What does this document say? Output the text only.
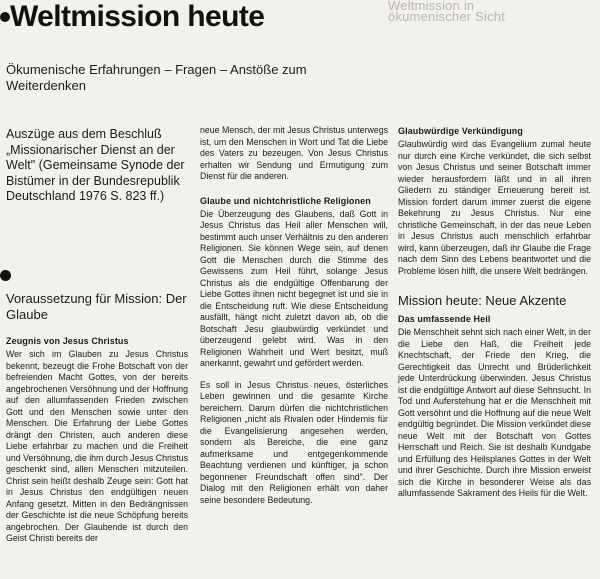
Weltmission in
ökumenischer Sicht
Weltmission heute
Ökumenische Erfahrungen – Fragen – Anstöße zum Weiterdenken
Auszüge aus dem Beschluß „Missionarischer Dienst an der Welt" (Gemeinsame Synode der Bistümer in der Bundesrepublik Deutschland 1976 S. 823 ff.)
Voraussetzung für Mission: Der Glaube
Zeugnis von Jesus Christus

Wer sich im Glauben zu Jesus Christus bekennt, bezeugt die Frohe Botschaft von der befreienden Macht Gottes, von der bereits angebrochenen Versöhnung und der Hoffnung auf den allumfassenden Frieden zwischen Gott und den Menschen sowie unter den Menschen. Die Erfahrung der Liebe Gottes drängt den Christen, auch anderen diese Liebe erfahrbar zu machen und die Freiheit und Versöhnung, die ihm durch Jesus Christus geschenkt sind, allen Menschen mitzuteilen. Christ sein heißt deshalb Zeuge sein: Gott hat in Jesus Christus den endgültigen neuen Anfang gesetzt. Mitten in den Bedrängnissen der Geschichte ist die neue Schöpfung bereits angebrochen. Der Glaubende ist durch den Geist Christi bereits der

neue Mensch, der mit Jesus Christus unterwegs ist, um den Menschen in Wort und Tat die Liebe des Vaters zu bezeugen. Von Jesus Christus erhalten wir Sendung und Ermutigung zum Dienst für die anderen.

Glaube und nichtchristliche Religionen

Die Überzeugung des Glaubens, daß Gott in Jesus Christus das Heil aller Menschen will, bestimmt auch unser Verhältnis zu den anderen Religionen. Sie können Wege sein, auf denen Gott die Menschen durch die Stimme des Gewissens zum Heil führt, solange Jesus Christus als die endgültige Offenbarung der Liebe Gottes ihnen nicht begegnet ist und sie in die Entscheidung ruft. Wie diese Entscheidung ausfällt, hängt nicht zuletzt davon ab, ob die Botschaft Jesu glaubwürdig verkündet und überzeugend gelebt wird. Was in den Religionen Wahrheit und Wert besitzt, muß anerkannt, gewahrt und gefördert werden.

Es soll in Jesus Christus neues, österliches Leben gewinnen und die gesamte Kirche bereichern. Darum dürfen die nichtchristlichen Religionen „nicht als Rivalen oder Hindernis für die Evangelisierung angesehen werden, sondern als Bereiche, die eine ganz aufmerksame und entgegenkommende Beachtung verdienen und künftiger, ja schon begonnener Freundschaft offen sind". Der Dialog mit den Religionen erhält von daher seine besondere Bedeutung.

Glaubwürdige Verkündigung

Glaubwürdig wird das Evangelium zumal heute nur durch eine Kirche verkündet, die sich selbst von Jesus Christus und seiner Botschaft immer wieder herausfordern läßt und in all ihren Gliedern zu ständiger Erneuerung bereit ist. Mission fordert darum immer zuerst die eigene Bekehrung zu Jesus Christus. Nur eine christliche Gemeinschaft, in der das neue Leben in Jesus Christus auch menschlich erfahrbar wird, kann überzeugen, daß ihr Glaube die Frage nach dem Sinn des Lebens beantwortet und die Probleme lösen hilft, die unsere Welt bedrängen.

Mission heute: Neue Akzente
Das umfassende Heil

Die Menschheit sehnt sich nach einer Welt, in der die Liebe den Haß, die Freiheit jede Knechtschaft, der Friede den Krieg, die Gerechtigkeit das Unrecht und Brüderlichkeit jede Unterdrückung überwinden. Jesus Christus ist die endgültige Antwort auf diese Sehnsucht. In Tod und Auferstehung hat er die Menschheit mit Gott versöhnt und die Hoffnung auf die neue Welt endgültig begründet. Die Mission verkündet diese neue Welt mit der Botschaft von Gottes Herrschaft und Reich. Sie ist deshalb Kundgabe und Erfüllung des Heilsplanes Gottes in der Welt und ihrer Geschichte. Durch ihre Mission erweist sich die Kirche in besonderer Weise als das allumfassende Sakrament des Heils für die Welt.
